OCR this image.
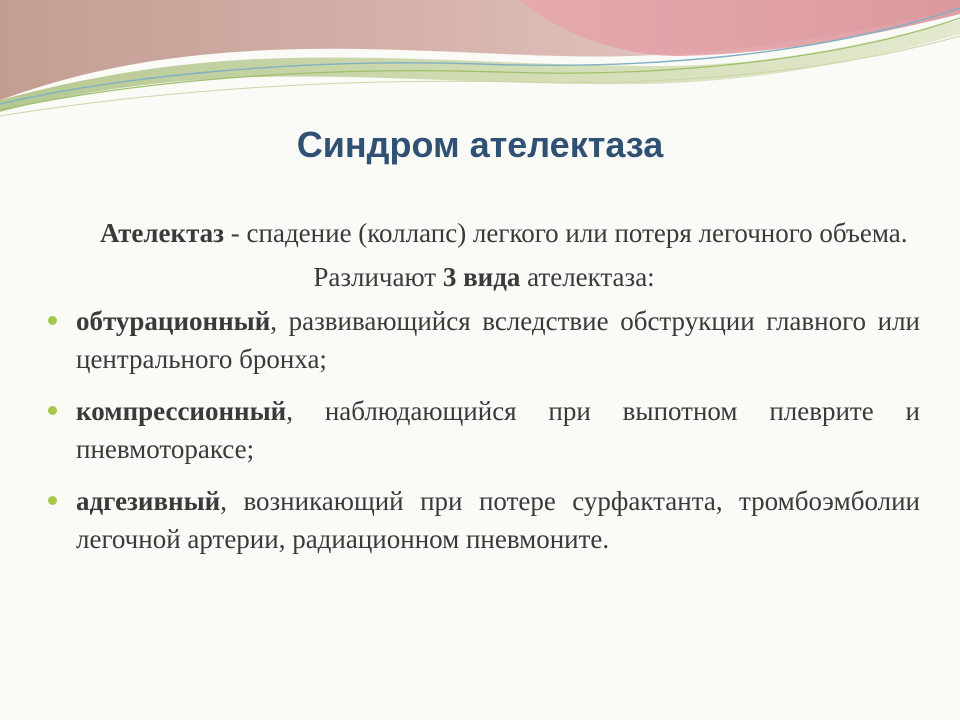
Синдром ателектаза

Ателектаз - спадение (коллапс) легкого или потеря легочного объема.

Различают 3 вида ателектаза:

обтурационный, развивающийся вследствие обструкции главного или центрального бронха;
компрессионный, наблюдающийся при выпотном плеврите и пневмотораксе;
адгезивный, возникающий при потере сурфактанта, тромбоэмболии легочной артерии, радиационном пневмоните.
